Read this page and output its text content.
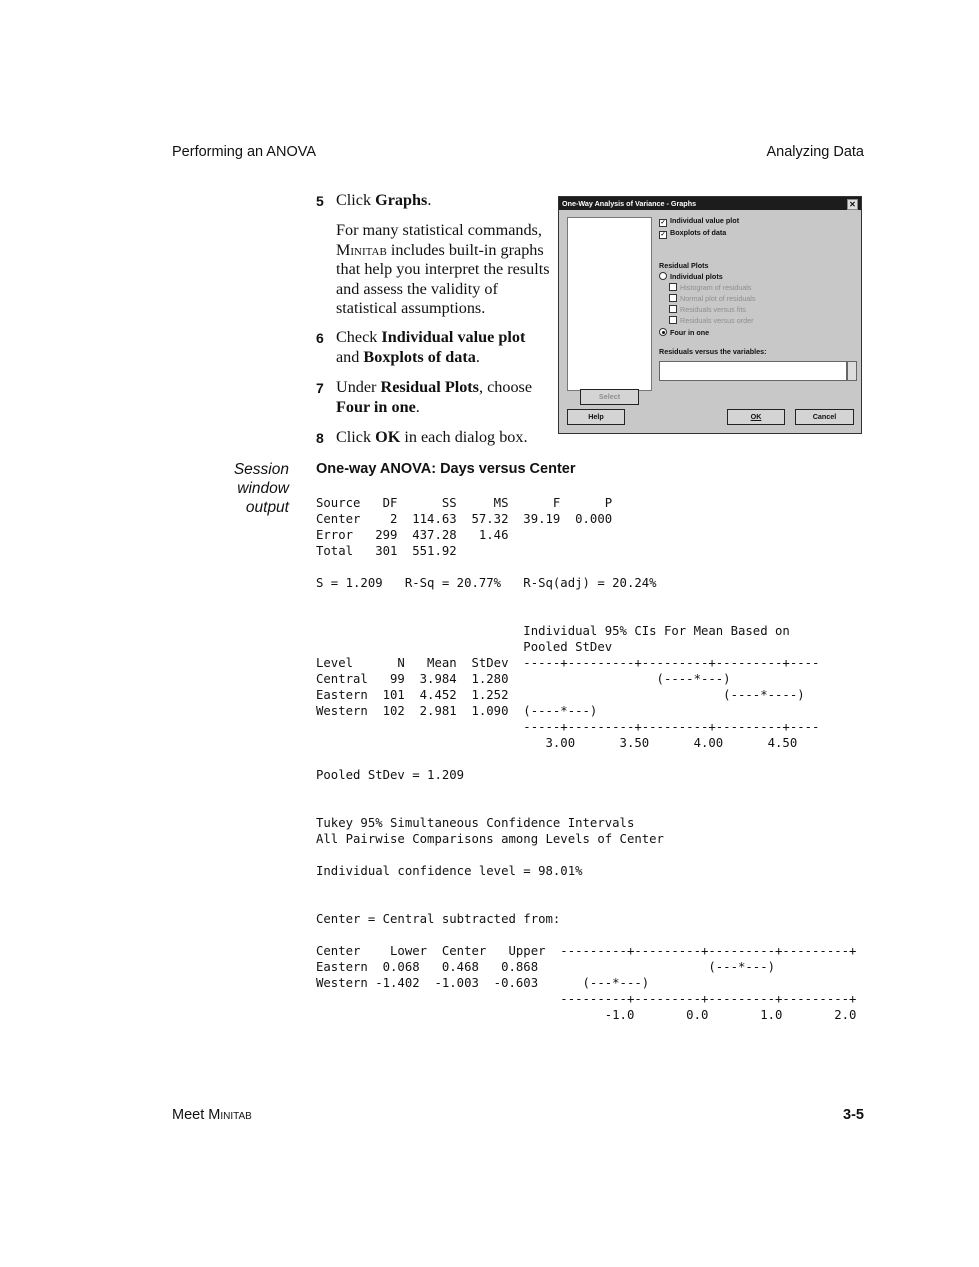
Performing an ANOVA	Analyzing Data
5 Click Graphs.
For many statistical commands, Minitab includes built-in graphs that help you interpret the results and assess the validity of statistical assumptions.
6 Check Individual value plot and Boxplots of data.
7 Under Residual Plots, choose Four in one.
8 Click OK in each dialog box.
One-Way Analysis of Variance - Graphs	✕
✓ Individual value plot
✓ Boxplots of data
Residual Plots
Individual plots
Histogram of residuals
Normal plot of residuals
Residuals versus fits
Residuals versus order
Four in one
Residuals versus the variables:
Select
Help	OK	Cancel
Session
window
output
One-way ANOVA: Days versus Center
Source   DF      SS     MS      F      P
Center    2  114.63  57.32  39.19  0.000
Error   299  437.28   1.46
Total   301  551.92
S = 1.209   R-Sq = 20.77%   R-Sq(adj) = 20.24%
Individual 95% CIs For Mean Based on
Pooled StDev
Level      N   Mean  StDev  -----+---------+---------+---------+----
Central   99  3.984  1.280                    (----*---)
Eastern  101  4.452  1.252                             (----*----)
Western  102  2.981  1.090  (----*---)
-----+---------+---------+---------+----
3.00      3.50      4.00      4.50
Pooled StDev = 1.209
Tukey 95% Simultaneous Confidence Intervals
All Pairwise Comparisons among Levels of Center
Individual confidence level = 98.01%
Center = Central subtracted from:
Center    Lower  Center   Upper  ---------+---------+---------+---------+
Eastern  0.068   0.468   0.868                       (---*---)
Western -1.402  -1.003  -0.603      (---*---)
---------+---------+---------+---------+
-1.0       0.0       1.0       2.0
Meet Minitab	3-5
